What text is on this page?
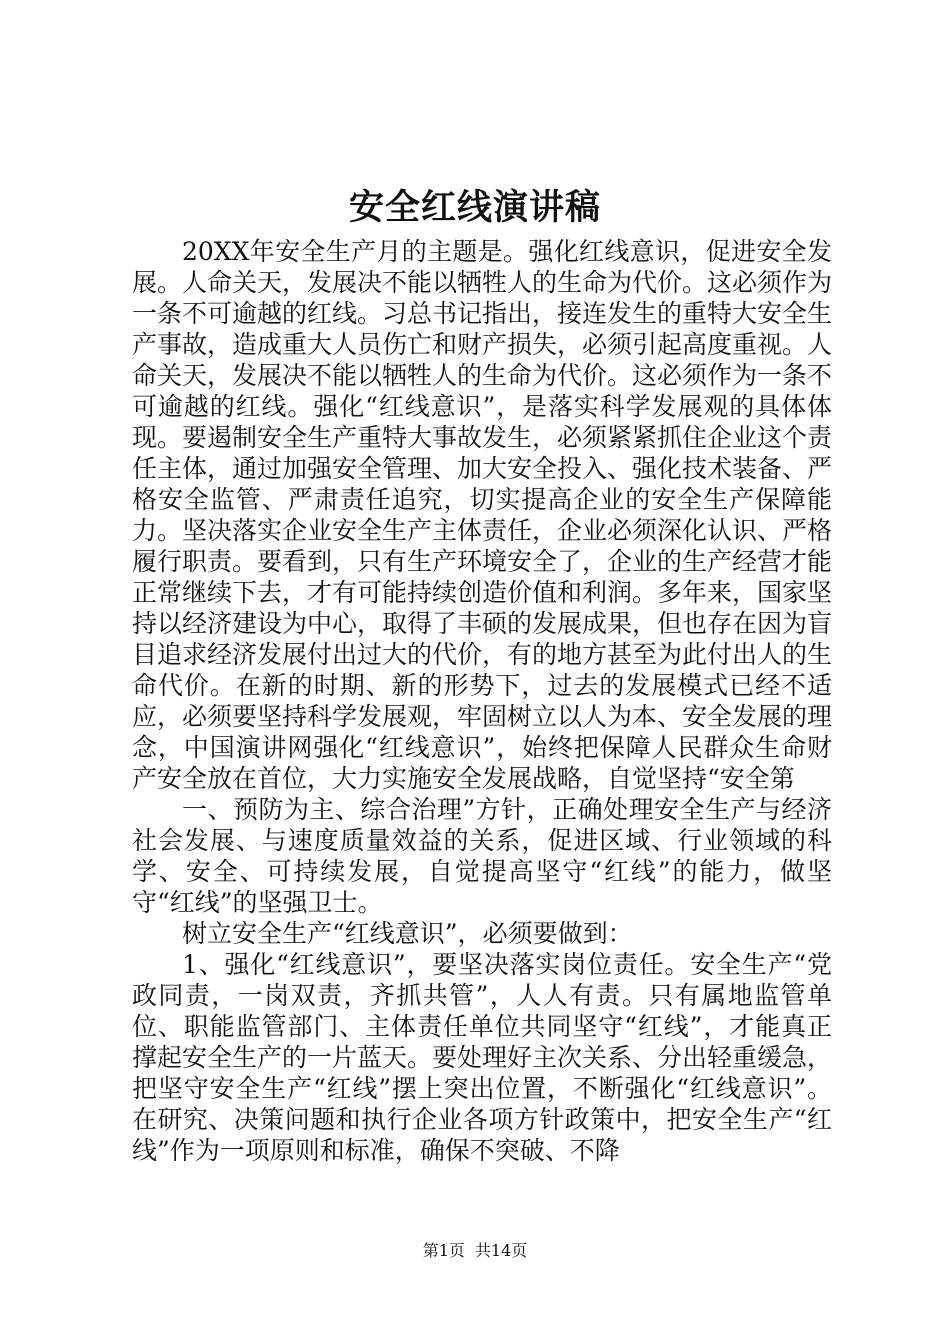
安全红线演讲稿

20XX年安全生产月的主题是。强化红线意识，促进安全发展。人命关天，发展决不能以牺牲人的生命为代价。这必须作为一条不可逾越的红线。习总书记指出，接连发生的重特大安全生产事故，造成重大人员伤亡和财产损失，必须引起高度重视。人命关天，发展决不能以牺牲人的生命为代价。这必须作为一条不可逾越的红线。强化“红线意识”，是落实科学发展观的具体体现。要遏制安全生产重特大事故发生，必须紧紧抓住企业这个责任主体，通过加强安全管理、加大安全投入、强化技术装备、严格安全监管、严肃责任追究，切实提高企业的安全生产保障能力。坚决落实企业安全生产主体责任，企业必须深化认识、严格履行职责。要看到，只有生产环境安全了，企业的生产经营才能正常继续下去，才有可能持续创造价值和利润。多年来，国家坚持以经济建设为中心，取得了丰硕的发展成果，但也存在因为盲目追求经济发展付出过大的代价，有的地方甚至为此付出人的生命代价。在新的时期、新的形势下，过去的发展模式已经不适应，必须要坚持科学发展观，牢固树立以人为本、安全发展的理念，中国演讲网强化“红线意识”，始终把保障人民群众生命财产安全放在首位，大力实施安全发展战略，自觉坚持“安全第

一、预防为主、综合治理”方针，正确处理安全生产与经济社会发展、与速度质量效益的关系，促进区域、行业领域的科学、安全、可持续发展，自觉提高坚守“红线”的能力，做坚守“红线”的坚强卫士。

树立安全生产“红线意识”，必须要做到：

1、强化“红线意识”，要坚决落实岗位责任。安全生产“党政同责，一岗双责，齐抓共管”，人人有责。只有属地监管单位、职能监管部门、主体责任单位共同坚守“红线”，才能真正撑起安全生产的一片蓝天。要处理好主次关系、分出轻重缓急，把坚守安全生产“红线”摆上突出位置，不断强化“红线意识”。在研究、决策问题和执行企业各项方针政策中，把安全生产“红线”作为一项原则和标准，确保不突破、不降

第1页 共14页
